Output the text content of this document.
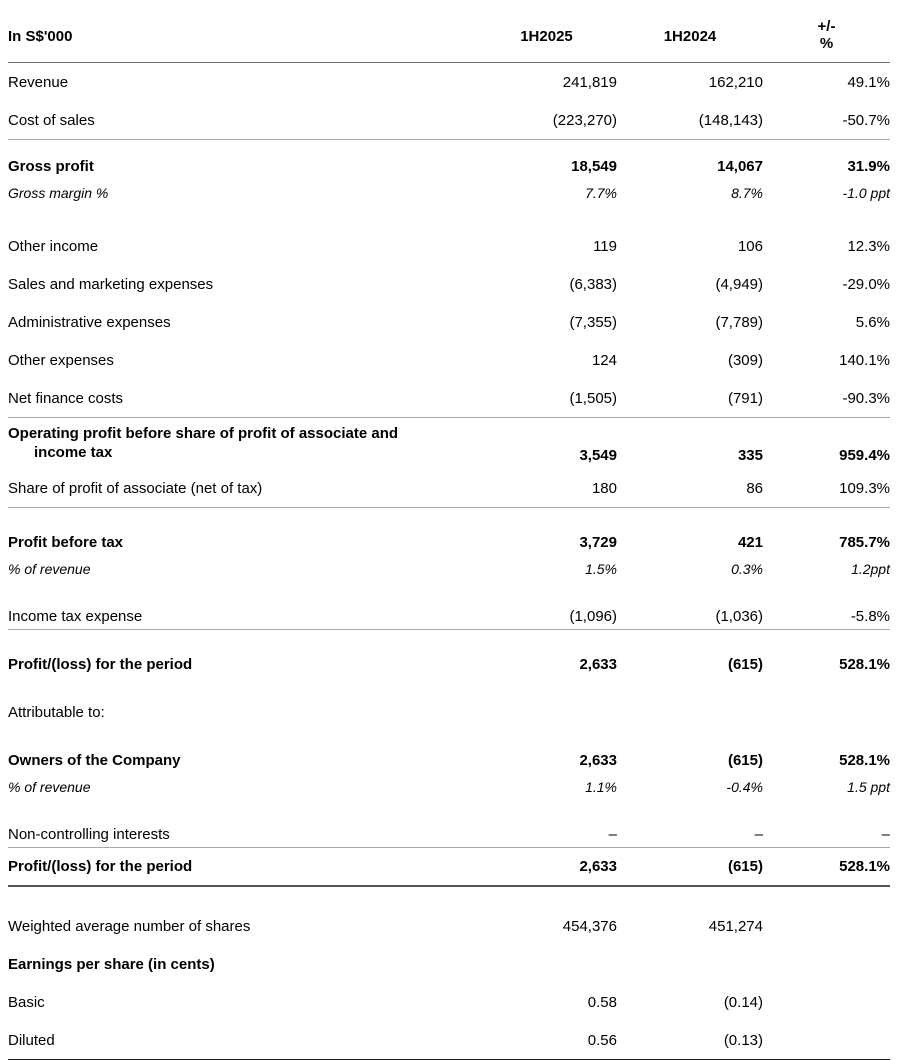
In S$'000	1H2025	1H2024	+/-
%

Revenue	241,819	162,210	49.1%
Cost of sales	(223,270)	(148,143)	-50.7%

Gross profit	18,549	14,067	31.9%
Gross margin %	7.7%	8.7%	-1.0 ppt

Other income	119	106	12.3%
Sales and marketing expenses	(6,383)	(4,949)	-29.0%
Administrative expenses	(7,355)	(7,789)	5.6%
Other expenses	124	(309)	140.1%
Net finance costs	(1,505)	(791)	-90.3%
Operating profit before share of profit of associate and
income tax	3,549	335	959.4%
Share of profit of associate (net of tax)	180	86	109.3%

Profit before tax	3,729	421	785.7%
% of revenue	1.5%	0.3%	1.2ppt

Income tax expense	(1,096)	(1,036)	-5.8%

Profit/(loss) for the period	2,633	(615)	528.1%

Attributable to:			

Owners of the Company	2,633	(615)	528.1%
% of revenue	1.1%	-0.4%	1.5 ppt

Non-controlling interests	–	–	–
Profit/(loss) for the period	2,633	(615)	528.1%

Weighted average number of shares	454,376	451,274	
Earnings per share (in cents)			
Basic	0.58	(0.14)	
Diluted	0.56	(0.13)	
